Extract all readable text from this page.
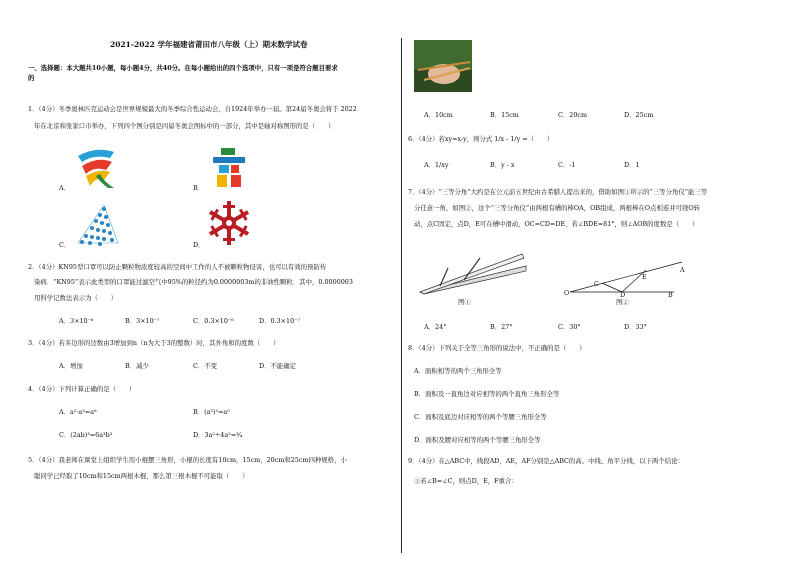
2021-2022 学年福建省莆田市八年级（上）期末数学试卷
一、选择题：本大题共10小题，每小题4分，共40分。在每小题给出的四个选项中，只有一项是符合题目要求
的
1．（4分）冬季奥林匹克运动会是世界规模最大的冬季综合性运动会，自1924年举办一届。第24届冬奥会将于 2022
年在北京和张家口市举办，下列四个图分别是四届冬奥会图标中的一部分，其中是轴对称图形的是（　　）
A．	B．
C．	D．
2．（4分）KN95型口罩可以防止颗粒物浓度较高的空间中工作的人不被颗粒物侵害，也可以有效的预防传
染病．“KN95”表示此类型的口罩能过滤空气中95%的粒径约为0.0000003m的非油性颗粒．其中，0.0000003
用科学记数法表示为（　　）
A．3×10⁻⁶	B．3×10⁻⁷	C．0.3×10⁻⁶	D．0.3×10⁻⁷
3．（4分）若多边形的边数由3增加到n（n为大于3的整数）时，其外角和的度数（　　）
A．增加	B．减少	C．不变	D．不能确定
4．（4分）下列计算正确的是（　　）
A．a²·a³=a⁶	B．(a³)²=a⁵
C．(2ab)³=6a³b³	D．3a²÷4a²=³⁄₄
5．（4分）我老师在课堂上组织学生用小棍摆三角形，小棍的长度有10cm，15cm，20cm和25cm四种规格，小
聪同学已经取了10cm和15cm两根木棍，那么第三根木棍不可能取（　　）
A．10cm	B．15cm	C．20cm	D．25cm
6．（4分）若xy=x-y，则分式 1/x - 1/y =（　　）
A．1/xy	B．y - x	C．-1	D．1
7．（4分）“三等分角”大约是在公元前五世纪由古希腊人提出来的，借助如图①所示的“三等分角仪”能三等
分任意一角，如图②，这个“三等分角仪”由两根有槽的棒OA，OB组成，两根棒在O点相连并可绕O转
动，点C固定，点D，E可在槽中滑动，OC=CD=DE，若∠BDE=81°，则∠AOB的度数是（　　）
图①
A
E
C
O	D	B
图②
A．24°	B．27°	C．30°	D．33°
8．（4分）下列关于全等三角形的说法中，不正确的是（　　）
A．面积相等的两个三角形全等
B．面积及一直角边对应相等的两个直角三角形全等
C．面积及底边对应相等的两个等腰三角形全等
D．面积及腰对应相等的两个等腰三角形全等
9．（4分）在△ABC中，线段AD，AE，AF分别是△ABC的高、中线、角平分线，以下两个结论：
①若∠B=∠C，则点D，E，F重合：
